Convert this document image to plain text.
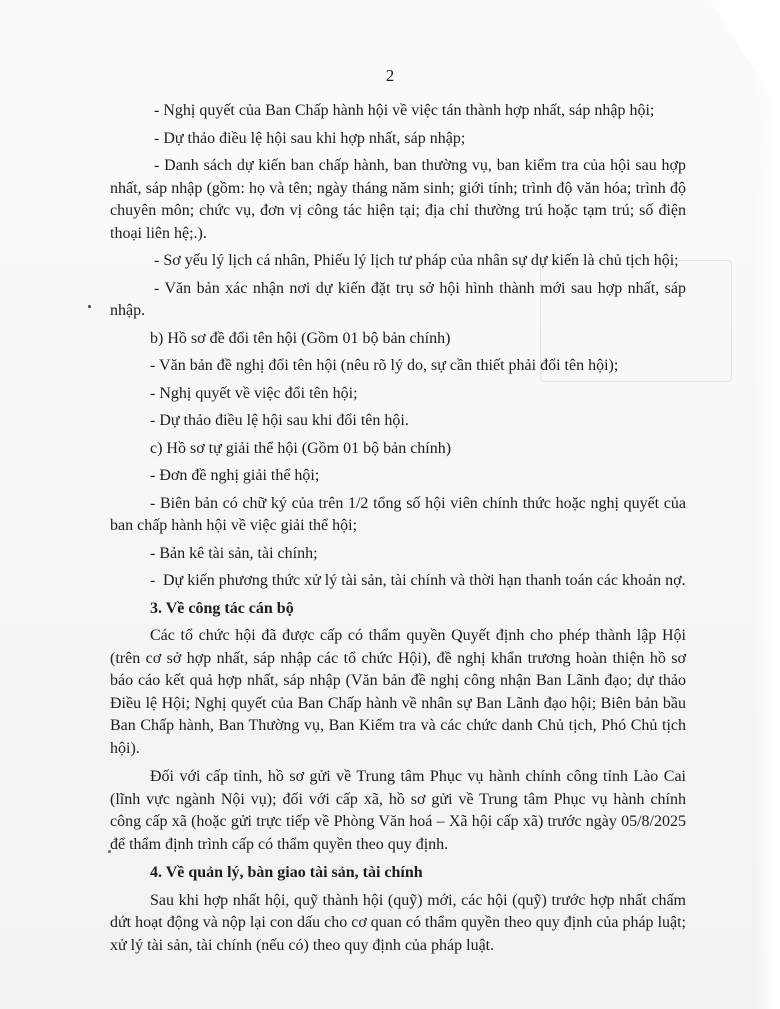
2

- Nghị quyết của Ban Chấp hành hội về việc tán thành hợp nhất, sáp nhập hội;

- Dự thảo điều lệ hội sau khi hợp nhất, sáp nhập;

- Danh sách dự kiến ban chấp hành, ban thường vụ, ban kiểm tra của hội sau hợp nhất, sáp nhập (gồm: họ và tên; ngày tháng năm sinh; giới tính; trình độ văn hóa; trình độ chuyên môn; chức vụ, đơn vị công tác hiện tại; địa chỉ thường trú hoặc tạm trú; số điện thoại liên hệ;.).

- Sơ yếu lý lịch cá nhân, Phiếu lý lịch tư pháp của nhân sự dự kiến là chủ tịch hội;

- Văn bản xác nhận nơi dự kiến đặt trụ sở hội hình thành mới sau hợp nhất, sáp nhập.

b) Hồ sơ đề đổi tên hội (Gồm 01 bộ bản chính)

- Văn bản đề nghị đổi tên hội (nêu rõ lý do, sự cần thiết phải đổi tên hội);

- Nghị quyết về việc đổi tên hội;

- Dự thảo điều lệ hội sau khi đổi tên hội.

c) Hồ sơ tự giải thể hội (Gồm 01 bộ bản chính)

- Đơn đề nghị giải thể hội;

- Biên bản có chữ ký của trên 1/2 tổng số hội viên chính thức hoặc nghị quyết của ban chấp hành hội về việc giải thể hội;

- Bản kê tài sản, tài chính;

- Dự kiến phương thức xử lý tài sản, tài chính và thời hạn thanh toán các khoản nợ.

3. Về công tác cán bộ

Các tổ chức hội đã được cấp có thẩm quyền Quyết định cho phép thành lập Hội (trên cơ sở hợp nhất, sáp nhập các tổ chức Hội), đề nghị khẩn trương hoàn thiện hồ sơ báo cáo kết quả hợp nhất, sáp nhập (Văn bản đề nghị công nhận Ban Lãnh đạo; dự thảo Điều lệ Hội; Nghị quyết của Ban Chấp hành về nhân sự Ban Lãnh đạo hội; Biên bản bầu Ban Chấp hành, Ban Thường vụ, Ban Kiểm tra và các chức danh Chủ tịch, Phó Chủ tịch hội).

Đối với cấp tỉnh, hồ sơ gửi về Trung tâm Phục vụ hành chính công tỉnh Lào Cai (lĩnh vực ngành Nội vụ); đối với cấp xã, hồ sơ gửi về Trung tâm Phục vụ hành chính công cấp xã (hoặc gửi trực tiếp về Phòng Văn hoá – Xã hội cấp xã) trước ngày 05/8/2025 để thẩm định trình cấp có thẩm quyền theo quy định.

4. Về quản lý, bàn giao tài sản, tài chính

Sau khi hợp nhất hội, quỹ thành hội (quỹ) mới, các hội (quỹ) trước hợp nhất chấm dứt hoạt động và nộp lại con dấu cho cơ quan có thẩm quyền theo quy định của pháp luật; xử lý tài sản, tài chính (nếu có) theo quy định của pháp luật.
